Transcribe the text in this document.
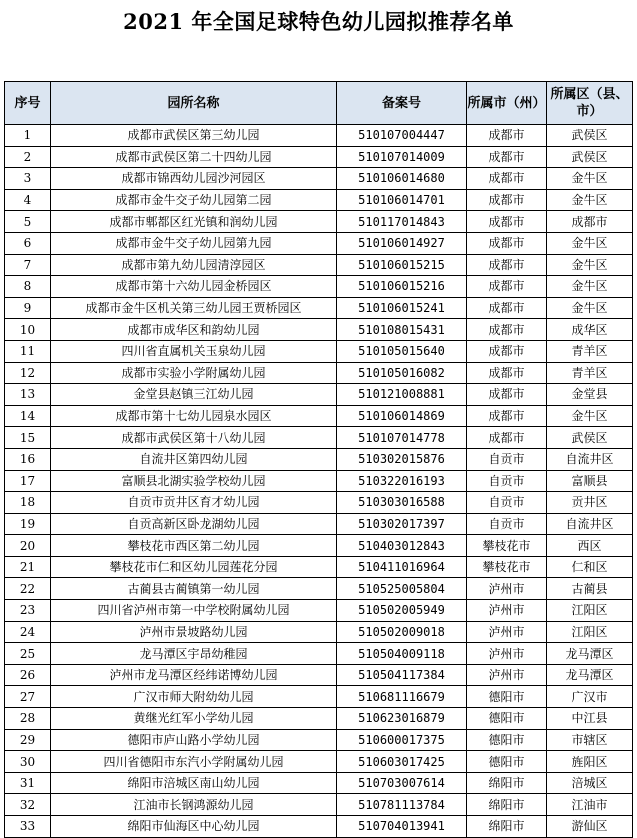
2021 年全国足球特色幼儿园拟推荐名单
序号	园所名称	备案号	所属市（州）	所属区（县、市）
1	成都市武侯区第三幼儿园	510107004447	成都市	武侯区
2	成都市武侯区第二十四幼儿园	510107014009	成都市	武侯区
3	成都市锦西幼儿园沙河园区	510106014680	成都市	金牛区
4	成都市金牛交子幼儿园第二园	510106014701	成都市	金牛区
5	成都市郫都区红光镇和润幼儿园	510117014843	成都市	成都市
6	成都市金牛交子幼儿园第九园	510106014927	成都市	金牛区
7	成都市第九幼儿园清淳园区	510106015215	成都市	金牛区
8	成都市第十六幼儿园金桥园区	510106015216	成都市	金牛区
9	成都市金牛区机关第三幼儿园王贾桥园区	510106015241	成都市	金牛区
10	成都市成华区和韵幼儿园	510108015431	成都市	成华区
11	四川省直属机关玉泉幼儿园	510105015640	成都市	青羊区
12	成都市实验小学附属幼儿园	510105016082	成都市	青羊区
13	金堂县赵镇三江幼儿园	510121008881	成都市	金堂县
14	成都市第十七幼儿园泉水园区	510106014869	成都市	金牛区
15	成都市武侯区第十八幼儿园	510107014778	成都市	武侯区
16	自流井区第四幼儿园	510302015876	自贡市	自流井区
17	富顺县北湖实验学校幼儿园	510322016193	自贡市	富顺县
18	自贡市贡井区育才幼儿园	510303016588	自贡市	贡井区
19	自贡高新区卧龙湖幼儿园	510302017397	自贡市	自流井区
20	攀枝花市西区第二幼儿园	510403012843	攀枝花市	西区
21	攀枝花市仁和区幼儿园莲花分园	510411016964	攀枝花市	仁和区
22	古蔺县古蔺镇第一幼儿园	510525005804	泸州市	古蔺县
23	四川省泸州市第一中学校附属幼儿园	510502005949	泸州市	江阳区
24	泸州市景坡路幼儿园	510502009018	泸州市	江阳区
25	龙马潭区宇昂幼稚园	510504009118	泸州市	龙马潭区
26	泸州市龙马潭区经纬诺博幼儿园	510504117384	泸州市	龙马潭区
27	广汉市师大附幼幼儿园	510681116679	德阳市	广汉市
28	黄继光红军小学幼儿园	510623016879	德阳市	中江县
29	德阳市庐山路小学幼儿园	510600017375	德阳市	市辖区
30	四川省德阳市东汽小学附属幼儿园	510603017425	德阳市	旌阳区
31	绵阳市涪城区南山幼儿园	510703007614	绵阳市	涪城区
32	江油市长钢鸿源幼儿园	510781113784	绵阳市	江油市
33	绵阳市仙海区中心幼儿园	510704013941	绵阳市	游仙区
